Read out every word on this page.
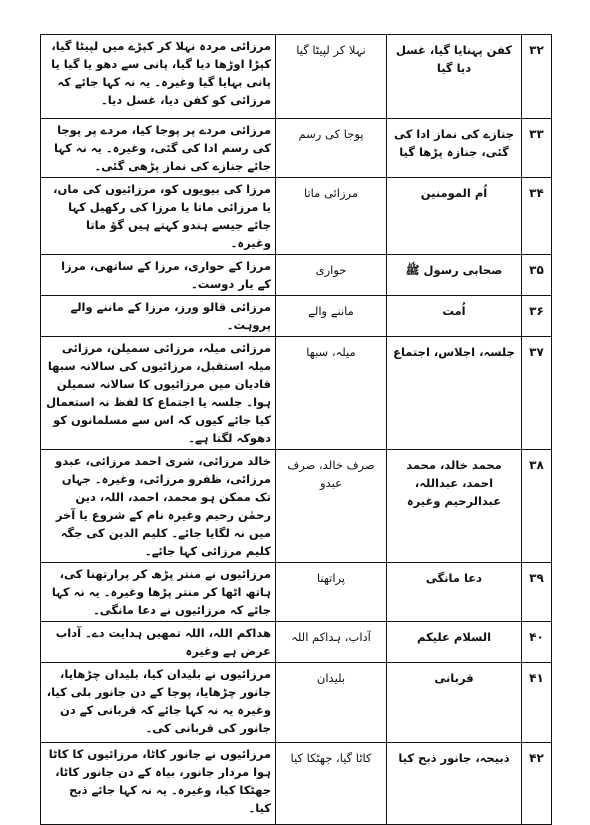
۳۲	کفن پہنایا گیا، غسل دیا گیا	نہلا کر لپیٹا گیا	مرزائی مردہ نہلا کر کپڑے میں لپیٹا گیا، کپڑا اوڑھا دیا گیا، پانی سے دھو یا گیا یا پانی بہایا گیا وغیرہ۔ یہ نہ کہا جائے کہ مرزائی کو کفن دیا، غسل دیا۔
۳۳	جنازے کی نماز ادا کی گئی، جنازہ پڑھا گیا	پوجا کی رسم	مرزائی مردے پر پوجا کیا، مردے پر پوجا کی رسم ادا کی گئی، وغیرہ۔ یہ نہ کہا جائے جنازے کی نماز پڑھی گئی۔
۳۴	اُم المومنین	مرزائی ماتا	مرزا کی بیویوں کو، مرزائیوں کی ماں، یا مرزائی ماتا یا مرزا کی رکھیل کہا جائے جیسے ہندو کہتے ہیں گؤ ماتا وغیرہ۔
۳۵	صحابی رسول ﷺ	حواری	مرزا کے حواری، مرزا کے ساتھی، مرزا کے یار دوست۔
۳۶	اُمت	ماننے والے	مرزائی قالو ورز، مرزا کے ماننے والے پروہت۔
۳۷	جلسہ، اجلاس، اجتماع	میلہ، سبھا	مرزائی میلہ، مرزائی سمیلن، مرزائی میلہ استقبل، مرزائیوں کی سالانہ سبھا قادیان میں مرزائیوں کا سالانہ سمیلن ہوا۔ جلسہ یا اجتماع کا لفظ نہ استعمال کیا جائے کیوں کہ اس سے مسلمانوں کو دھوکہ لگتا ہے۔
۳۸	محمد خالد، محمد احمد، عبداللہ، عبدالرحیم وغیرہ	صرف خالد، صرف عبدو	خالد مرزائی، شری احمد مرزائی، عبدو مرزائی، ظفرو مرزائی، وغیرہ۔ جہاں تک ممکن ہو محمد، احمد، اللہ، دین رحمٰن رحیم وغیرہ نام کے شروع یا آخر میں نہ لگایا جائے۔ کلیم الدین کی جگہ کلیم مرزائی کہا جائے۔
۳۹	دعا مانگی	پراتھنا	مرزائیوں نے منتر پڑھ کر پرارتھنا کی، ہاتھ اٹھا کر منتر پڑھا وغیرہ۔ یہ نہ کہا جائے کہ مرزائیوں نے دعا مانگی۔
۴۰	السلام علیکم	آداب، ہداکم اللہ	ھداکم اللہ، اللہ تمھیں ہدایت دے۔ آداب عرض ہے وغیرہ
۴۱	قربانی	بلیدان	مرزائیوں نے بلیدان کیا، بلیدان چڑھایا، جانور چڑھایا، پوجا کے دن جانور بلی کیا، وغیرہ یہ نہ کہا جائے کہ قربانی کے دن جانور کی قربانی کی۔
۴۲	ذبیحہ، جانور ذبح کیا	کاٹا گیا، جھٹکا کیا	مرزائیوں نے جانور کاٹا، مرزائیوں کا کاٹا ہوا مردار جانور، بیاہ کے دن جانور کاٹا، جھٹکا کیا، وغیرہ۔ یہ نہ کہا جائے ذبح کیا۔
